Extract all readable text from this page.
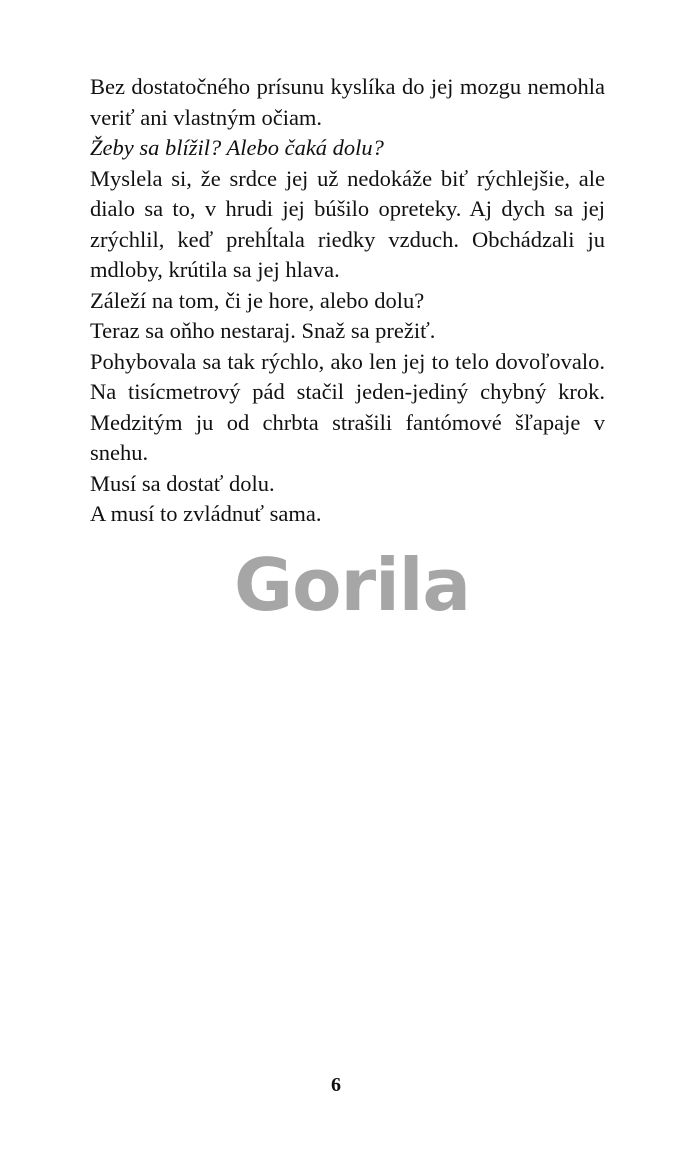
Bez dostatočného prísunu kyslíka do jej mozgu nemohla veriť ani vlastným očiam.

Žeby sa blížil? Alebo čaká dolu?

Myslela si, že srdce jej už nedokáže biť rýchlejšie, ale dialo sa to, v hrudi jej búšilo opreteky. Aj dych sa jej zrýchlil, keď prehĺtala riedky vzduch. Obchádzali ju mdloby, krútila sa jej hlava.

Záleží na tom, či je hore, alebo dolu?

Teraz sa oňho nestaraj. Snaž sa prežiť.

Pohybovala sa tak rýchlo, ako len jej to telo dovoľovalo. Na tisícmetrový pád stačil jeden-jediný chybný krok. Medzitým ju od chrbta strašili fantómové šľapaje v snehu.

Musí sa dostať dolu.

A musí to zvládnuť sama.

Gorila
6
